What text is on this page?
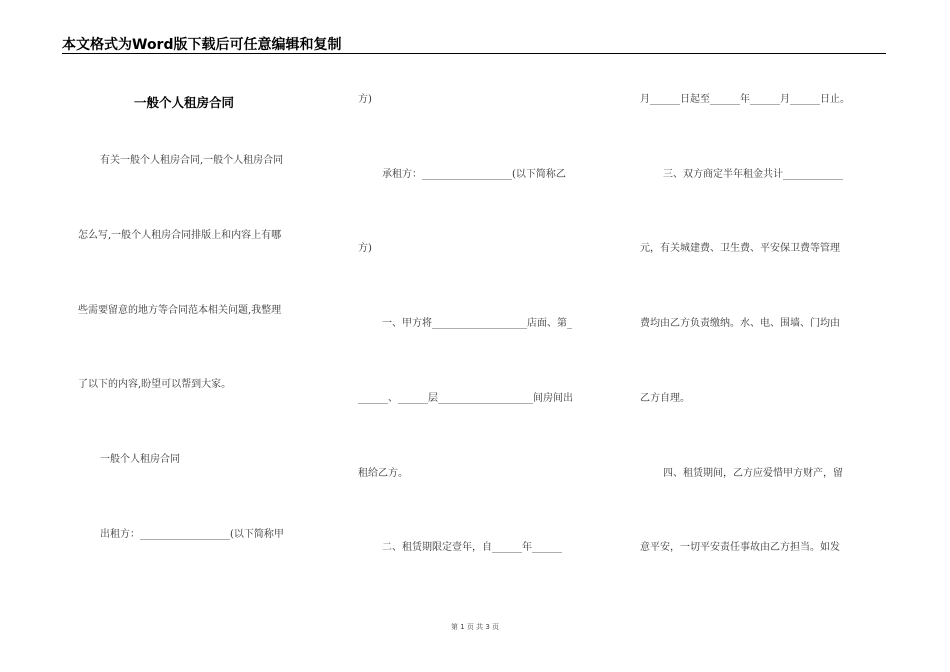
本文格式为Word版下载后可任意编辑和复制
一般个人租房合同
有关一般个人租房合同,一般个人租房合同
怎么写,一般个人租房合同排版上和内容上有哪
些需要留意的地方等合同范本相关问题,我整理
了以下的内容,盼望可以帮到大家。
一般个人租房合同
出租方：__________________(以下简称甲
方)
承租方：__________________(以下简称乙
方)
一、甲方将___________________店面、第_
______、______层___________________间房间出
租给乙方。
二、租赁期限定壹年，自______年______
月______日起至______年______月______日止。
三、双方商定半年租金共计____________
元，有关城建费、卫生费、平安保卫费等管理
费均由乙方负责缴纳。水、电、围墙、门均由
乙方自理。
四、租赁期间，乙方应爱惜甲方财产，留
意平安，一切平安责任事故由乙方担当。如发
第 1 页 共 3 页
